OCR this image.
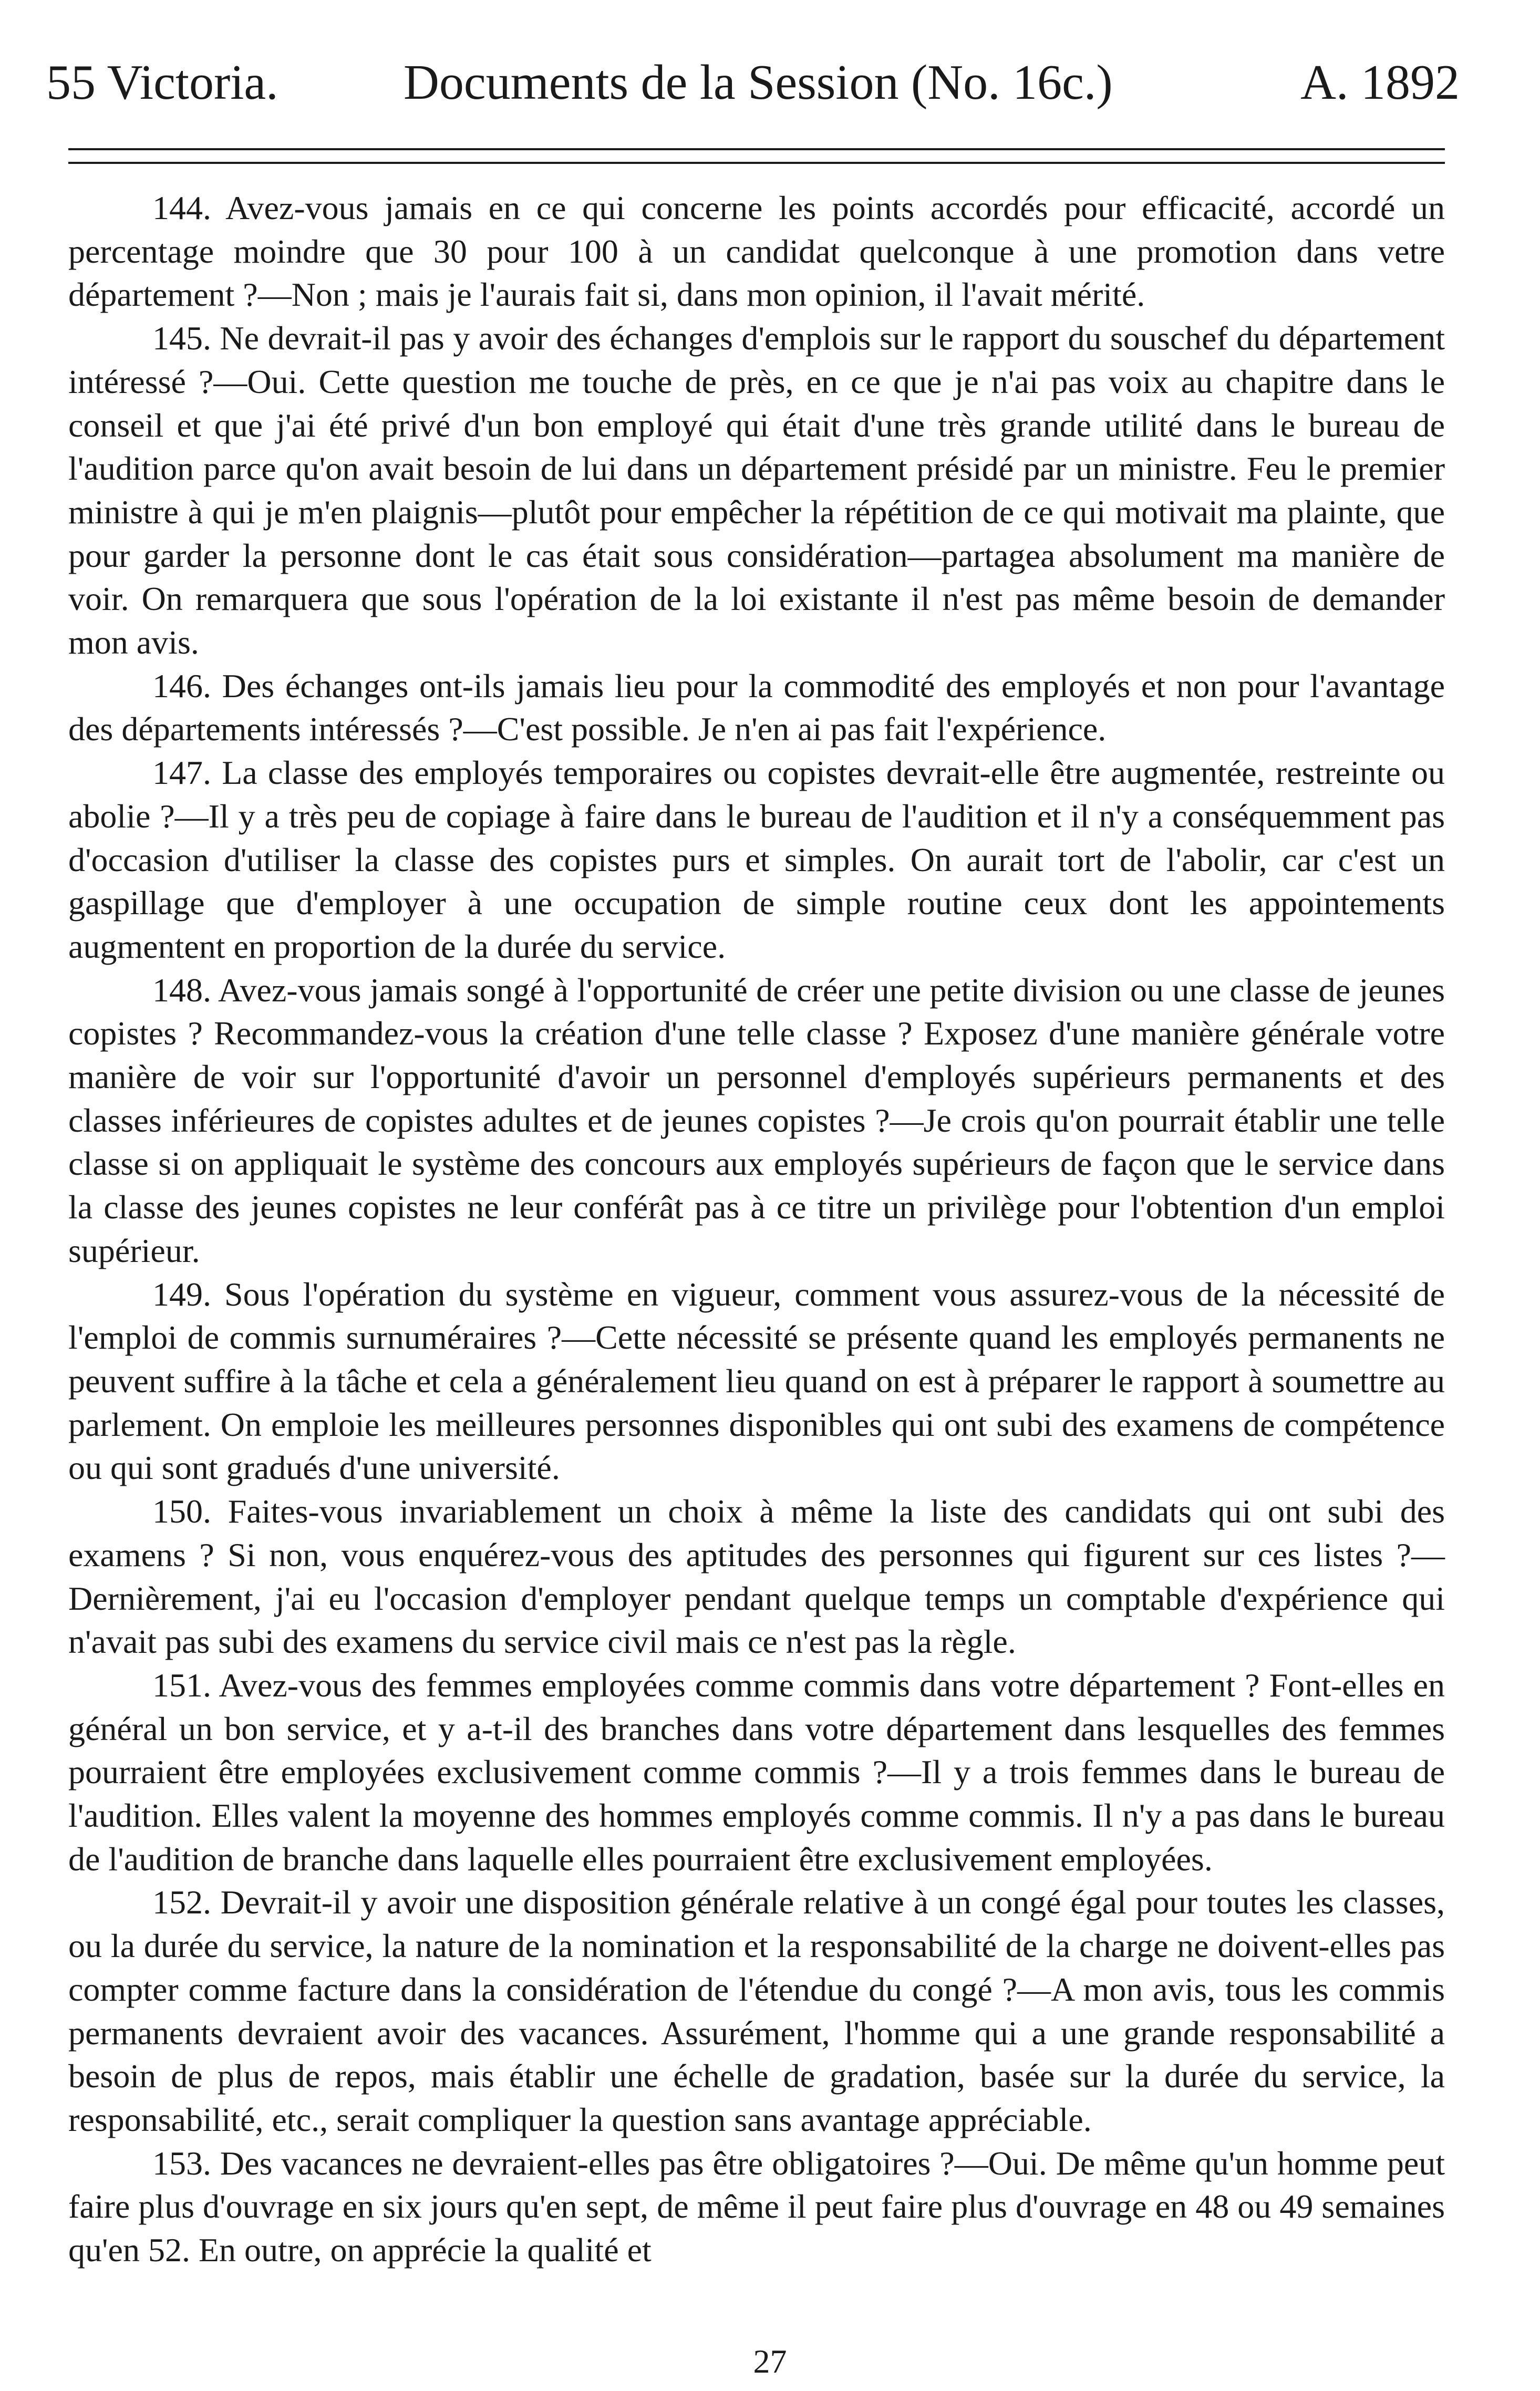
55 Victoria.	Documents de la Session (No. 16c.)	A. 1892

144. Avez-vous jamais en ce qui concerne les points accordés pour efficacité, accordé un percentage moindre que 30 pour 100 à un candidat quelconque à une promotion dans vetre département ?—Non ; mais je l'aurais fait si, dans mon opinion, il l'avait mérité.

145. Ne devrait-il pas y avoir des échanges d'emplois sur le rapport du souschef du département intéressé ?—Oui. Cette question me touche de près, en ce que je n'ai pas voix au chapitre dans le conseil et que j'ai été privé d'un bon employé qui était d'une très grande utilité dans le bureau de l'audition parce qu'on avait besoin de lui dans un département présidé par un ministre. Feu le premier ministre à qui je m'en plaignis—plutôt pour empêcher la répétition de ce qui motivait ma plainte, que pour garder la personne dont le cas était sous considération—partagea absolument ma manière de voir. On remarquera que sous l'opération de la loi existante il n'est pas même besoin de demander mon avis.

146. Des échanges ont-ils jamais lieu pour la commodité des employés et non pour l'avantage des départements intéressés ?—C'est possible. Je n'en ai pas fait l'expérience.

147. La classe des employés temporaires ou copistes devrait-elle être augmentée, restreinte ou abolie ?—Il y a très peu de copiage à faire dans le bureau de l'audition et il n'y a conséquemment pas d'occasion d'utiliser la classe des copistes purs et simples. On aurait tort de l'abolir, car c'est un gaspillage que d'employer à une occupation de simple routine ceux dont les appointements augmentent en proportion de la durée du service.

148. Avez-vous jamais songé à l'opportunité de créer une petite division ou une classe de jeunes copistes ? Recommandez-vous la création d'une telle classe ? Exposez d'une manière générale votre manière de voir sur l'opportunité d'avoir un personnel d'employés supérieurs permanents et des classes inférieures de copistes adultes et de jeunes copistes ?—Je crois qu'on pourrait établir une telle classe si on appliquait le système des concours aux employés supérieurs de façon que le service dans la classe des jeunes copistes ne leur conférât pas à ce titre un privilège pour l'obtention d'un emploi supérieur.

149. Sous l'opération du système en vigueur, comment vous assurez-vous de la nécessité de l'emploi de commis surnuméraires ?—Cette nécessité se présente quand les employés permanents ne peuvent suffire à la tâche et cela a généralement lieu quand on est à préparer le rapport à soumettre au parlement. On emploie les meilleures personnes disponibles qui ont subi des examens de compétence ou qui sont gradués d'une université.

150. Faites-vous invariablement un choix à même la liste des candidats qui ont subi des examens ? Si non, vous enquérez-vous des aptitudes des personnes qui figurent sur ces listes ?—Dernièrement, j'ai eu l'occasion d'employer pendant quelque temps un comptable d'expérience qui n'avait pas subi des examens du service civil mais ce n'est pas la règle.

151. Avez-vous des femmes employées comme commis dans votre département ? Font-elles en général un bon service, et y a-t-il des branches dans votre département dans lesquelles des femmes pourraient être employées exclusivement comme commis ?—Il y a trois femmes dans le bureau de l'audition. Elles valent la moyenne des hommes employés comme commis. Il n'y a pas dans le bureau de l'audition de branche dans laquelle elles pourraient être exclusivement employées.

152. Devrait-il y avoir une disposition générale relative à un congé égal pour toutes les classes, ou la durée du service, la nature de la nomination et la responsabilité de la charge ne doivent-elles pas compter comme facture dans la considération de l'étendue du congé ?—A mon avis, tous les commis permanents devraient avoir des vacances. Assurément, l'homme qui a une grande responsabilité a besoin de plus de repos, mais établir une échelle de gradation, basée sur la durée du service, la responsabilité, etc., serait compliquer la question sans avantage appréciable.

153. Des vacances ne devraient-elles pas être obligatoires ?—Oui. De même qu'un homme peut faire plus d'ouvrage en six jours qu'en sept, de même il peut faire plus d'ouvrage en 48 ou 49 semaines qu'en 52. En outre, on apprécie la qualité et

27
